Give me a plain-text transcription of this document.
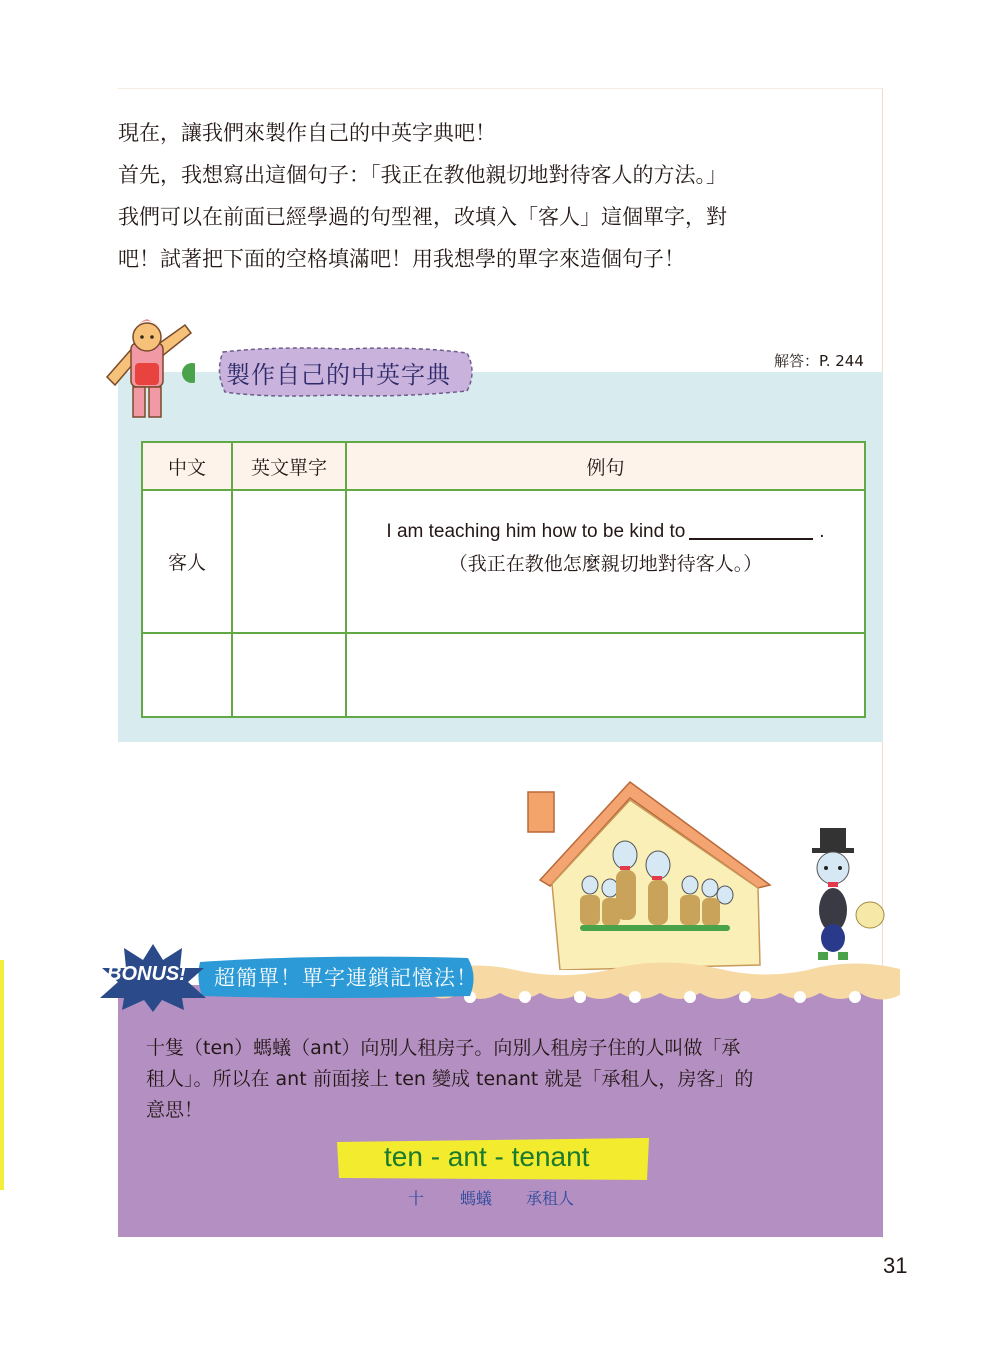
現在，讓我們來製作自己的中英字典吧！

首先，我想寫出這個句子：「我正在教他親切地對待客人的方法。」

我們可以在前面已經學過的句型裡，改填入「客人」這個單字，對

吧！試著把下面的空格填滿吧！用我想學的單字來造個句子！

製作自己的中英字典	解答：P. 244
中文	英文單字	例句
客人		I am teaching him how to be kind to .
（我正在教他怎麼親切地對待客人。）

BONUS! 超簡單！單字連鎖記憶法！

十隻（ten）螞蟻（ant）向別人租房子。向別人租房子住的人叫做「承

租人」。所以在 ant 前面接上 ten 變成 tenant 就是「承租人，房客」的

意思！

ten - ant - tenant
十 螞蟻 承租人
31
